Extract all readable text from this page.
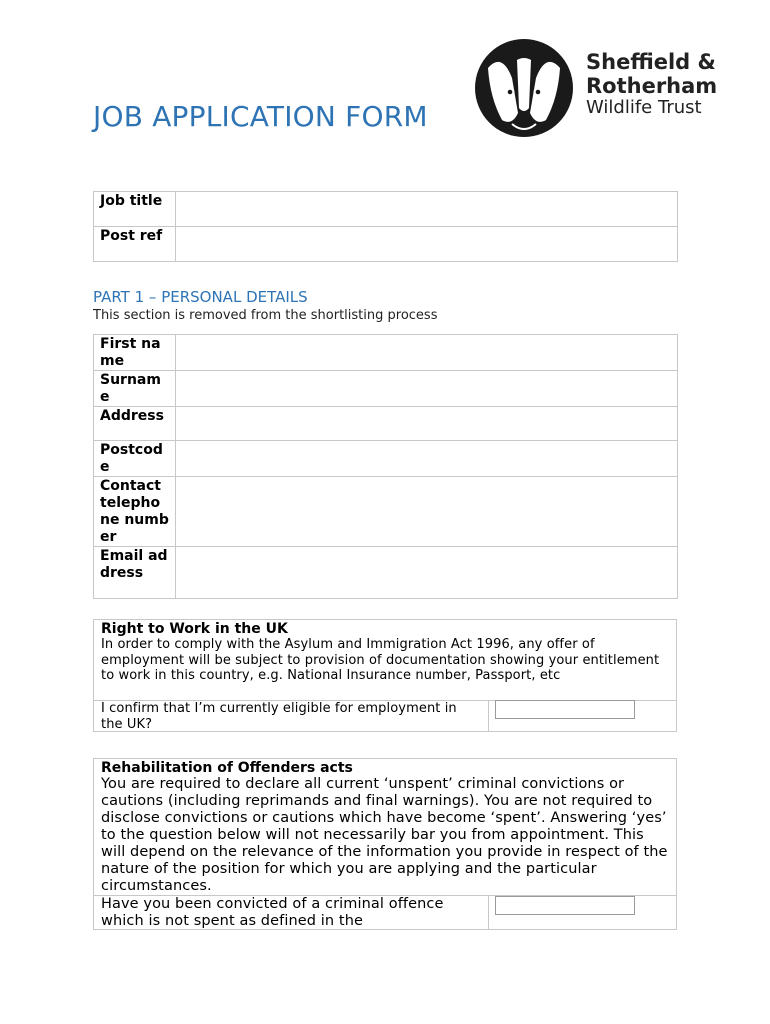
JOB APPLICATION FORM
Sheffield &
Rotherham
Wildlife Trust
Job title	
Post ref	
PART 1 – PERSONAL DETAILS
This section is removed from the shortlisting process
First name	
Surname	
Address	
Postcode	
Contact telephone number	
Email address	
Right to Work in the UK
In order to comply with the Asylum and Immigration Act 1996, any offer of employment will be subject to provision of documentation showing your entitlement to work in this country, e.g. National Insurance number, Passport, etc
I confirm that I’m currently eligible for employment in the UK?
Rehabilitation of Offenders acts
You are required to declare all current ‘unspent’ criminal convictions or cautions (including reprimands and final warnings). You are not required to disclose convictions or cautions which have become ‘spent’. Answering ‘yes’ to the question below will not necessarily bar you from appointment. This will depend on the relevance of the information you provide in respect of the nature of the position for which you are applying and the particular circumstances.
Have you been convicted of a criminal offence which is not spent as defined in the
